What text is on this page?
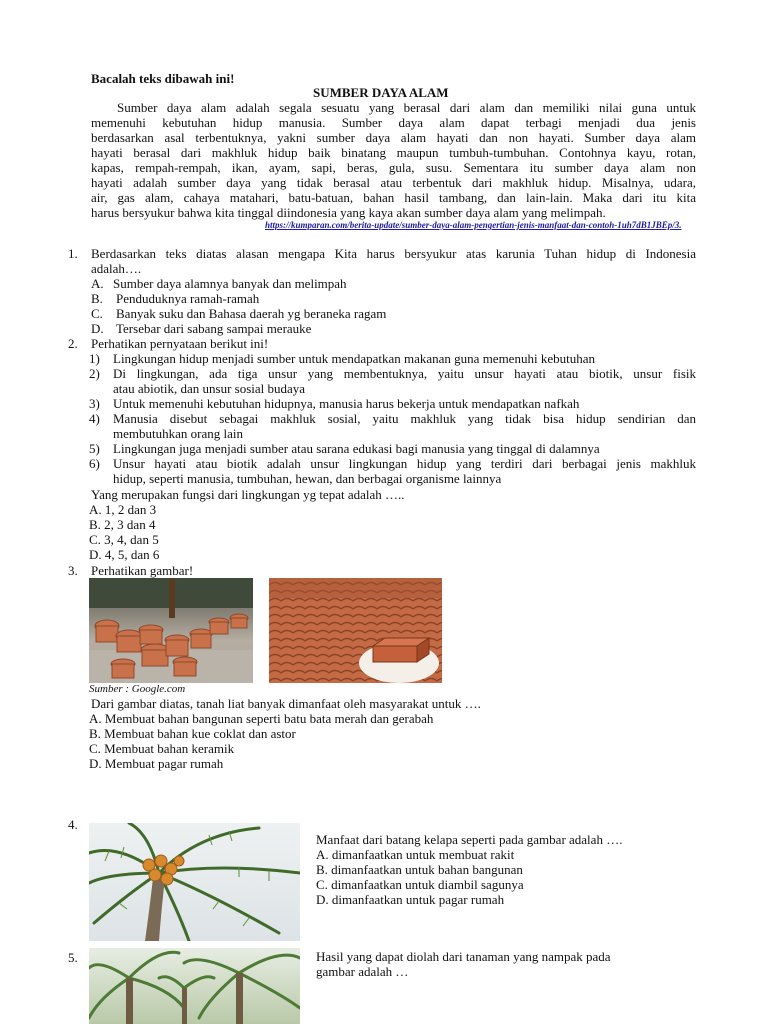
Bacalah teks dibawah ini!
SUMBER DAYA ALAM
Sumber daya alam adalah segala sesuatu yang berasal dari alam dan memiliki nilai guna untuk
memenuhi kebutuhan hidup manusia. Sumber daya alam dapat terbagi menjadi dua jenis
berdasarkan asal terbentuknya, yakni sumber daya alam hayati dan non hayati. Sumber daya alam
hayati berasal dari makhluk hidup baik binatang maupun tumbuh-tumbuhan. Contohnya kayu, rotan,
kapas, rempah-rempah, ikan, ayam, sapi, beras, gula, susu. Sementara itu sumber daya alam non
hayati adalah sumber daya yang tidak berasal atau terbentuk dari makhluk hidup. Misalnya, udara,
air, gas alam, cahaya matahari, batu-batuan, bahan hasil tambang, dan lain-lain. Maka dari itu kita
harus bersyukur bahwa kita tinggal diindonesia yang kaya akan sumber daya alam yang melimpah.
https://kumparan.com/berita-update/sumber-daya-alam-pengertian-jenis-manfaat-dan-contoh-1uh7dB1JBEp/3.
1. Berdasarkan teks diatas alasan mengapa Kita harus bersyukur atas karunia Tuhan hidup di Indonesia
adalah….
A. Sumber daya alamnya banyak dan melimpah
B. Penduduknya ramah-ramah
C. Banyak suku dan Bahasa daerah yg beraneka ragam
D. Tersebar dari sabang sampai merauke
2. Perhatikan pernyataan berikut ini!
1)	Lingkungan hidup menjadi sumber untuk mendapatkan makanan guna memenuhi kebutuhan
2)	Di lingkungan, ada tiga unsur yang membentuknya, yaitu unsur hayati atau biotik, unsur fisik
atau abiotik, dan unsur sosial budaya
3)	Untuk memenuhi kebutuhan hidupnya, manusia harus bekerja untuk mendapatkan nafkah
4)	Manusia disebut sebagai makhluk sosial, yaitu makhluk yang tidak bisa hidup sendirian dan
membutuhkan orang lain
5)	Lingkungan juga menjadi sumber atau sarana edukasi bagi manusia yang tinggal di dalamnya
6)	Unsur hayati atau biotik adalah unsur lingkungan hidup yang terdiri dari berbagai jenis makhluk
hidup, seperti manusia, tumbuhan, hewan, dan berbagai organisme lainnya
Yang merupakan fungsi dari lingkungan yg tepat adalah …..
A. 1, 2 dan 3
B. 2, 3 dan 4
C. 3, 4, dan 5
D. 4, 5, dan 6
3. Perhatikan gambar!
Sumber : Google.com
Dari gambar diatas, tanah liat banyak dimanfaat oleh masyarakat untuk ….
A. Membuat bahan bangunan seperti batu bata merah dan gerabah
B. Membuat bahan kue coklat dan astor
C. Membuat bahan keramik
D. Membuat pagar rumah
4.
Manfaat dari batang kelapa seperti pada gambar adalah ….
A. dimanfaatkan untuk membuat rakit
B. dimanfaatkan untuk bahan bangunan
C. dimanfaatkan untuk diambil sagunya
D. dimanfaatkan untuk pagar rumah
5.	Hasil yang dapat diolah dari tanaman yang nampak pada
gambar adalah …
